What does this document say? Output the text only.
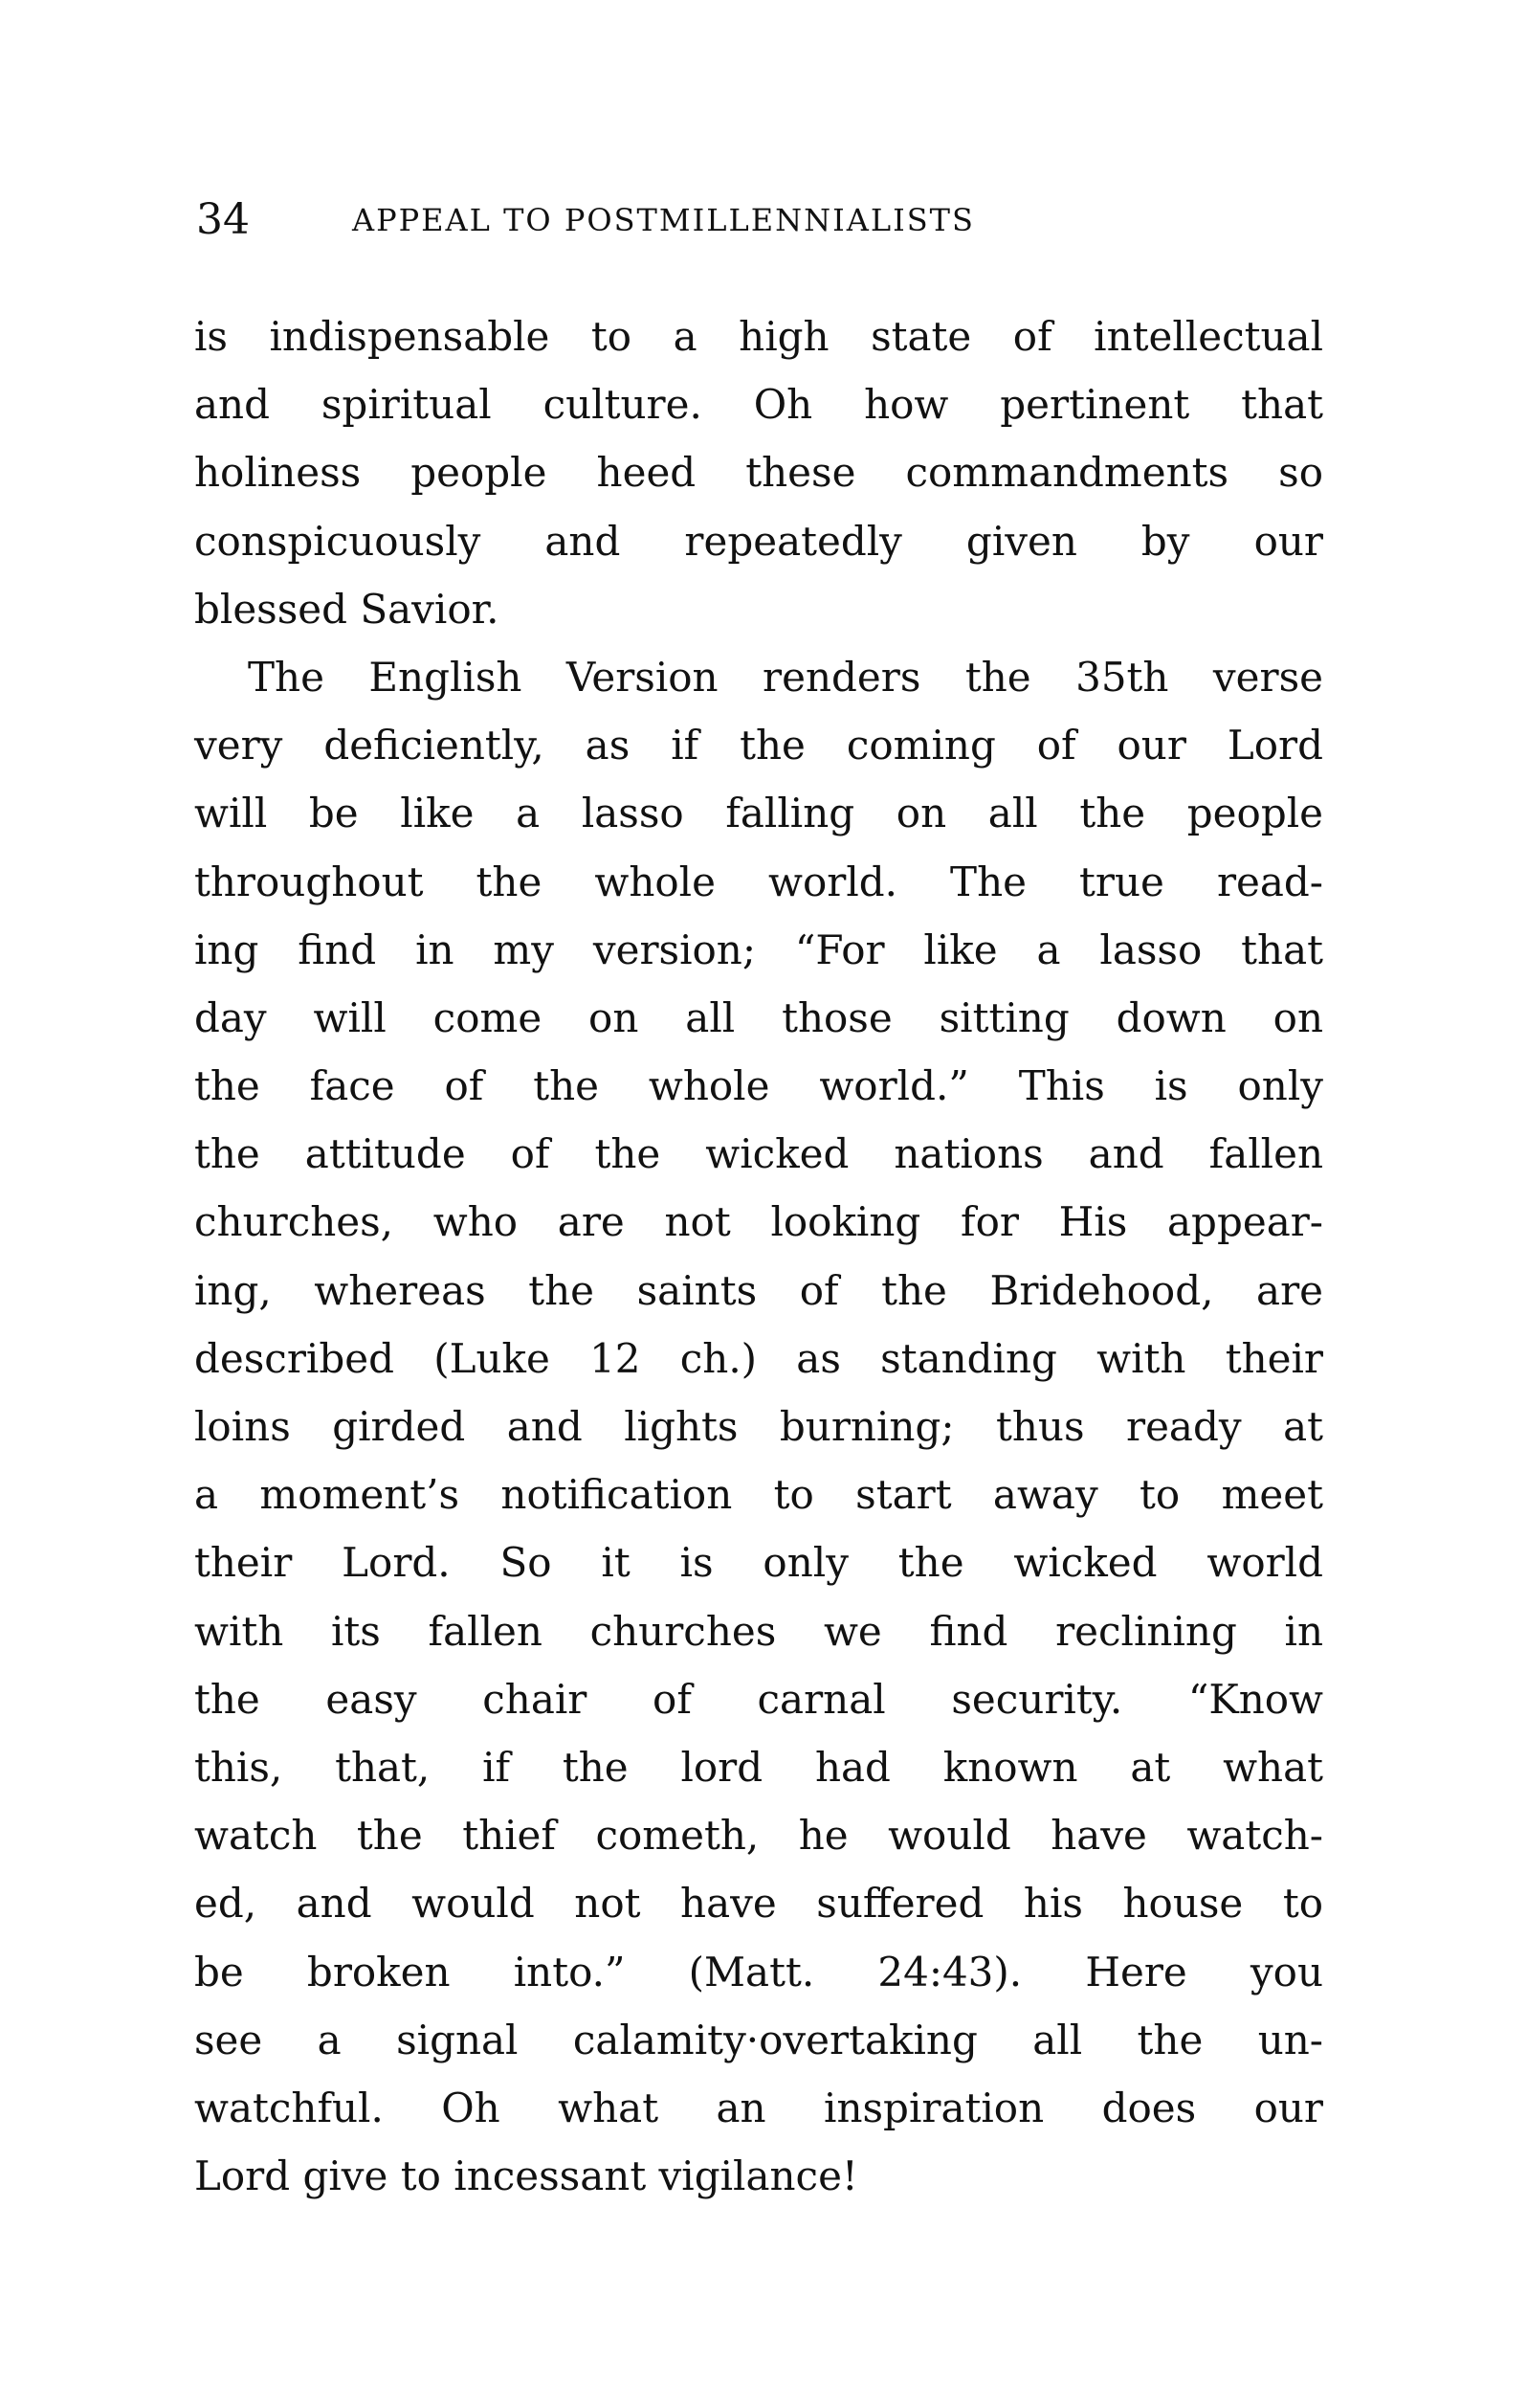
34	APPEAL TO POSTMILLENNIALISTS
is indispensable to a high state of intellectual
and spiritual culture. Oh how pertinent that
holiness people heed these commandments so
conspicuously and repeatedly given by our
blessed Savior.
The English Version renders the 35th verse
very deficiently, as if the coming of our Lord
will be like a lasso falling on all the people
throughout the whole world. The true read-
ing find in my version; “For like a lasso that
day will come on all those sitting down on
the face of the whole world.” This is only
the attitude of the wicked nations and fallen
churches, who are not looking for His appear-
ing, whereas the saints of the Bridehood, are
described (Luke 12 ch.) as standing with their
loins girded and lights burning; thus ready at
a moment’s notification to start away to meet
their Lord. So it is only the wicked world
with its fallen churches we find reclining in
the easy chair of carnal security. “Know
this, that, if the lord had known at what
watch the thief cometh, he would have watch-
ed, and would not have suffered his house to
be broken into.” (Matt. 24:43). Here you
see a signal calamity·overtaking all the un-
watchful. Oh what an inspiration does our
Lord give to incessant vigilance!
